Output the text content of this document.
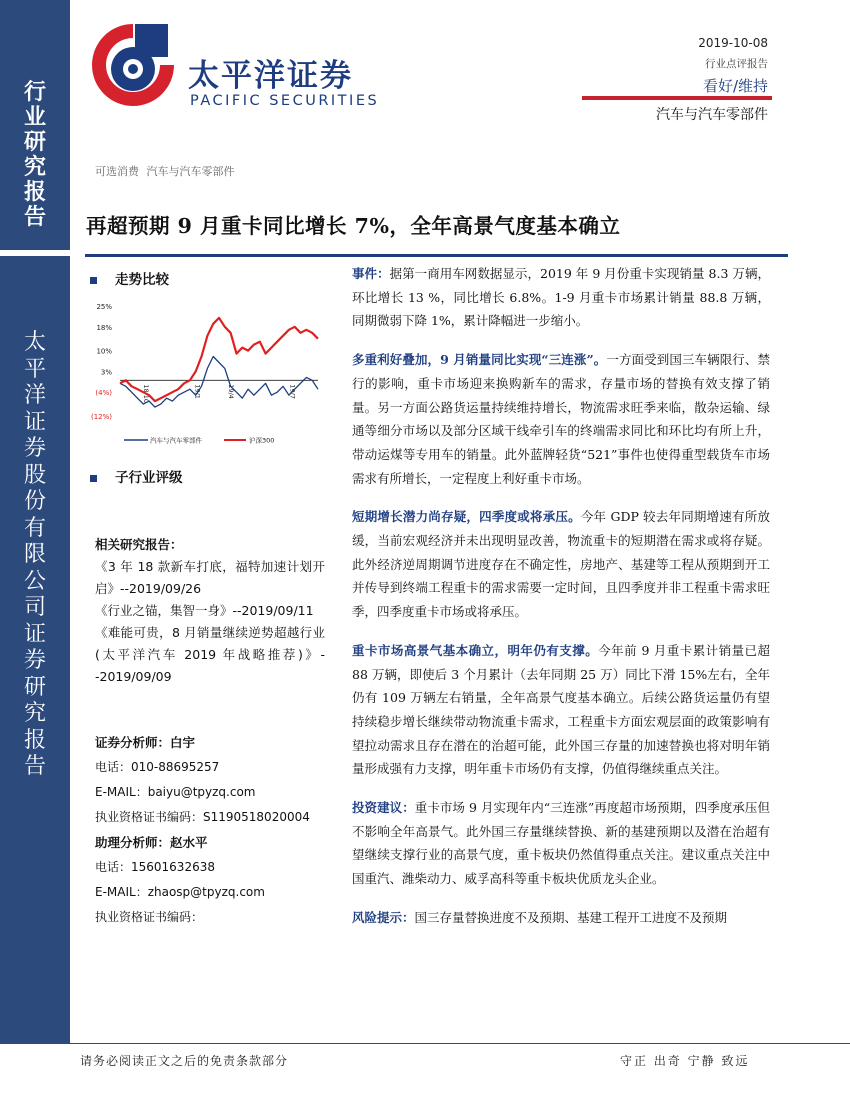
行
业
研
究
报
告
太
平
洋
证
券
股
份
有
限
公
司
证
券
研
究
报
告
太平洋证券
PACIFIC SECURITIES
2019-10-08
行业点评报告
看好/维持
汽车与汽车零部件
可选消费 汽车与汽车零部件
再超预期 9 月重卡同比增长 7%，全年高景气度基本确立
走势比较
25%
18%
10%
3%
(4%)
(12%)
18/10	19/1	19/4	19/7
汽车与汽车零部件	沪深300
子行业评级
相关研究报告：
《3 年 18 款新车打底，福特加速计划开启》--2019/09/26
《行业之锚，集智一身》--2019/09/11
《难能可贵，8 月销量继续逆势超越行业(太平洋汽车 2019 年战略推荐)》--2019/09/09
证券分析师：白宇
电话：010-88695257
E-MAIL：baiyu@tpyzq.com
执业资格证书编码：S1190518020004
助理分析师：赵水平
电话：15601632638
E-MAIL：zhaosp@tpyzq.com
执业资格证书编码：
事件：据第一商用车网数据显示，2019 年 9 月份重卡实现销量 8.3 万辆，环比增长 13 %，同比增长 6.8%。1-9 月重卡市场累计销量 88.8 万辆，同期微弱下降 1%，累计降幅进一步缩小。
多重利好叠加，9 月销量同比实现“三连涨”。一方面受到国三车辆限行、禁行的影响，重卡市场迎来换购新车的需求，存量市场的替换有效支撑了销量。另一方面公路货运量持续维持增长，物流需求旺季来临，散杂运输、绿通等细分市场以及部分区域干线牵引车的终端需求同比和环比均有所上升，带动运煤等专用车的销量。此外蓝牌轻货“521”事件也使得重型载货车市场需求有所增长，一定程度上利好重卡市场。
短期增长潜力尚存疑，四季度或将承压。今年 GDP 较去年同期增速有所放缓，当前宏观经济并未出现明显改善，物流重卡的短期潜在需求或将存疑。此外经济逆周期调节进度存在不确定性，房地产、基建等工程从预期到开工并传导到终端工程重卡的需求需要一定时间，且四季度并非工程重卡需求旺季，四季度重卡市场或将承压。
重卡市场高景气基本确立，明年仍有支撑。今年前 9 月重卡累计销量已超 88 万辆，即使后 3 个月累计（去年同期 25 万）同比下滑 15%左右，全年仍有 109 万辆左右销量，全年高景气度基本确立。后续公路货运量仍有望持续稳步增长继续带动物流重卡需求，工程重卡方面宏观层面的政策影响有望拉动需求且存在潜在的治超可能，此外国三存量的加速替换也将对明年销量形成强有力支撑，明年重卡市场仍有支撑，仍值得继续重点关注。
投资建议：重卡市场 9 月实现年内“三连涨”再度超市场预期，四季度承压但不影响全年高景气。此外国三存量继续替换、新的基建预期以及潜在治超有望继续支撑行业的高景气度，重卡板块仍然值得重点关注。建议重点关注中国重汽、潍柴动力、威孚高科等重卡板块优质龙头企业。
风险提示：国三存量替换进度不及预期、基建工程开工进度不及预期
请务必阅读正文之后的免责条款部分	守正 出奇 宁静 致远
